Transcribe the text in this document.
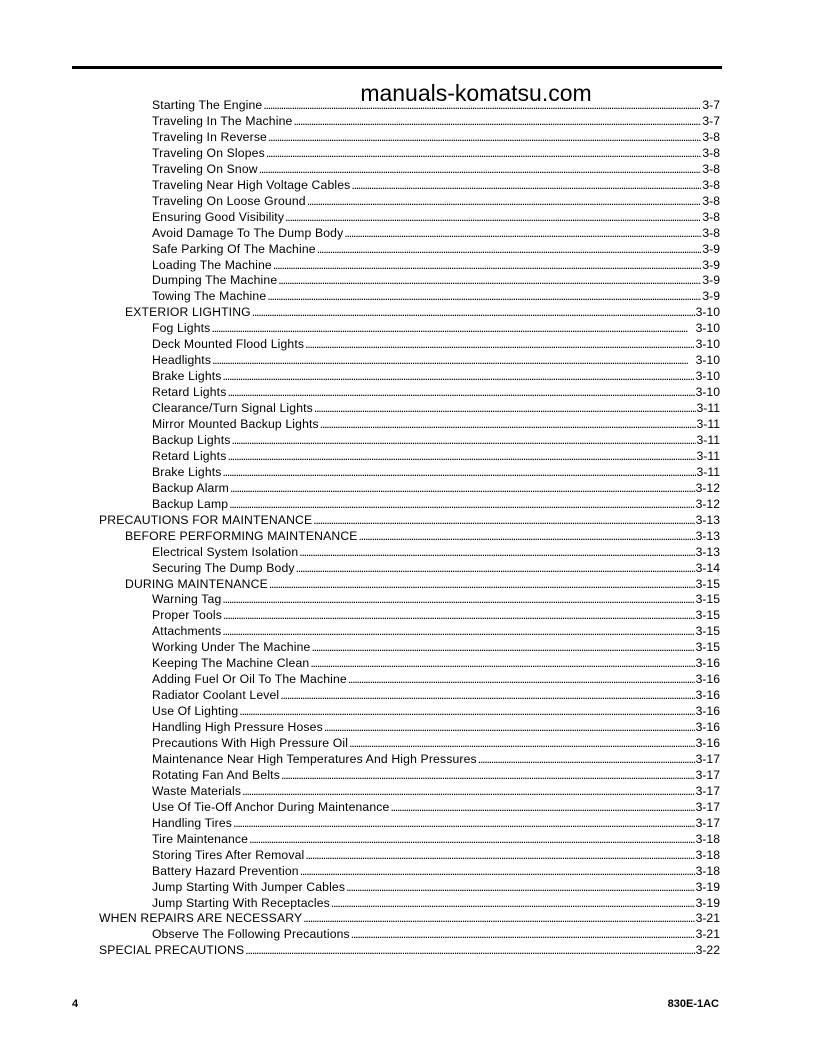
manuals-komatsu.com
Starting The Engine . . .	3-7
Traveling In The Machine . . .	3-7
Traveling In Reverse . . .	3-8
Traveling On Slopes . . .	3-8
Traveling On Snow . . .	3-8
Traveling Near High Voltage Cables . . .	3-8
Traveling On Loose Ground . . .	3-8
Ensuring Good Visibility . . .	3-8
Avoid Damage To The Dump Body . . .	3-8
Safe Parking Of The Machine . . .	3-9
Loading The Machine . . .	3-9
Dumping The Machine . . .	3-9
Towing The Machine . . .	3-9
EXTERIOR LIGHTING . . .	3-10
Fog Lights . . .	3-10
Deck Mounted Flood Lights . . .	3-10
Headlights . . .	3-10
Brake Lights . . .	3-10
Retard Lights . . .	3-10
Clearance/Turn Signal Lights . . .	3-11
Mirror Mounted Backup Lights . . .	3-11
Backup Lights . . .	3-11
Retard Lights . . .	3-11
Brake Lights . . .	3-11
Backup Alarm . . .	3-12
Backup Lamp . . .	3-12
PRECAUTIONS FOR MAINTENANCE . . .	3-13
BEFORE PERFORMING MAINTENANCE . . .	3-13
Electrical System Isolation . . .	3-13
Securing The Dump Body . . .	3-14
DURING MAINTENANCE . . .	3-15
Warning Tag . . .	3-15
Proper Tools . . .	3-15
Attachments . . .	3-15
Working Under The Machine . . .	3-15
Keeping The Machine Clean . . .	3-16
Adding Fuel Or Oil To The Machine . . .	3-16
Radiator Coolant Level . . .	3-16
Use Of Lighting . . .	3-16
Handling High Pressure Hoses . . .	3-16
Precautions With High Pressure Oil . . .	3-16
Maintenance Near High Temperatures And High Pressures . . .	3-17
Rotating Fan And Belts . . .	3-17
Waste Materials . . .	3-17
Use Of Tie-Off Anchor During Maintenance . . .	3-17
Handling Tires . . .	3-17
Tire Maintenance . . .	3-18
Storing Tires After Removal . . .	3-18
Battery Hazard Prevention . . .	3-18
Jump Starting With Jumper Cables . . .	3-19
Jump Starting With Receptacles . . .	3-19
WHEN REPAIRS ARE NECESSARY . . .	3-21
Observe The Following Precautions . . .	3-21
SPECIAL PRECAUTIONS . . .	3-22
4	830E-1AC
